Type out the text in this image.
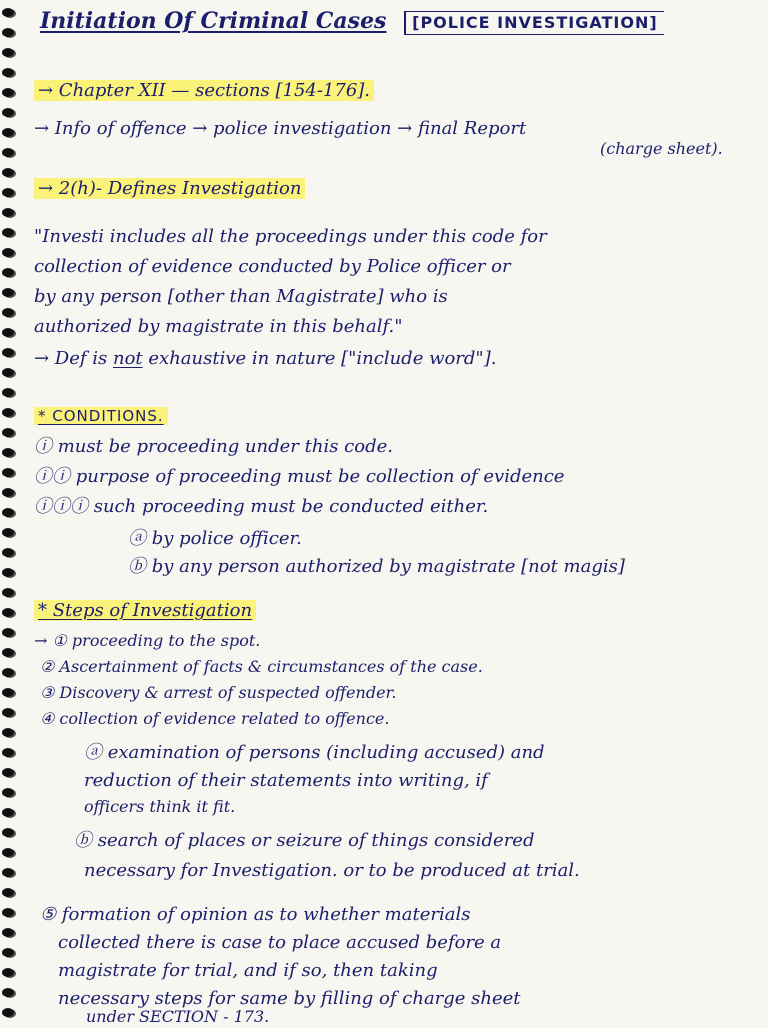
Initiation Of Criminal Cases [POLICE INVESTIGATION]
→ Chapter XII — sections [154-176].
→ Info of offence → police investigation → final Report
(charge sheet).
→ 2(h)- Defines Investigation
"Investi includes all the proceedings under this code for
collection of evidence conducted by Police officer or
by any person [other than Magistrate] who is
authorized by magistrate in this behalf."
→ Def is not exhaustive in nature ["include word"].
* CONDITIONS.
ⓘ must be proceeding under this code.
ⓘⓘ purpose of proceeding must be collection of evidence
ⓘⓘⓘ such proceeding must be conducted either.
ⓐ by police officer.
ⓑ by any person authorized by magistrate [not magis]
* Steps of Investigation
→ ① proceeding to the spot.
② Ascertainment of facts & circumstances of the case.
③ Discovery & arrest of suspected offender.
④ collection of evidence related to offence.
ⓐ examination of persons (including accused) and
reduction of their statements into writing, if
officers think it fit.
ⓑ search of places or seizure of things considered
necessary for Investigation. or to be produced at trial.
⑤ formation of opinion as to whether materials
collected there is case to place accused before a
magistrate for trial, and if so, then taking
necessary steps for same by filling of charge sheet
under SECTION - 173.
